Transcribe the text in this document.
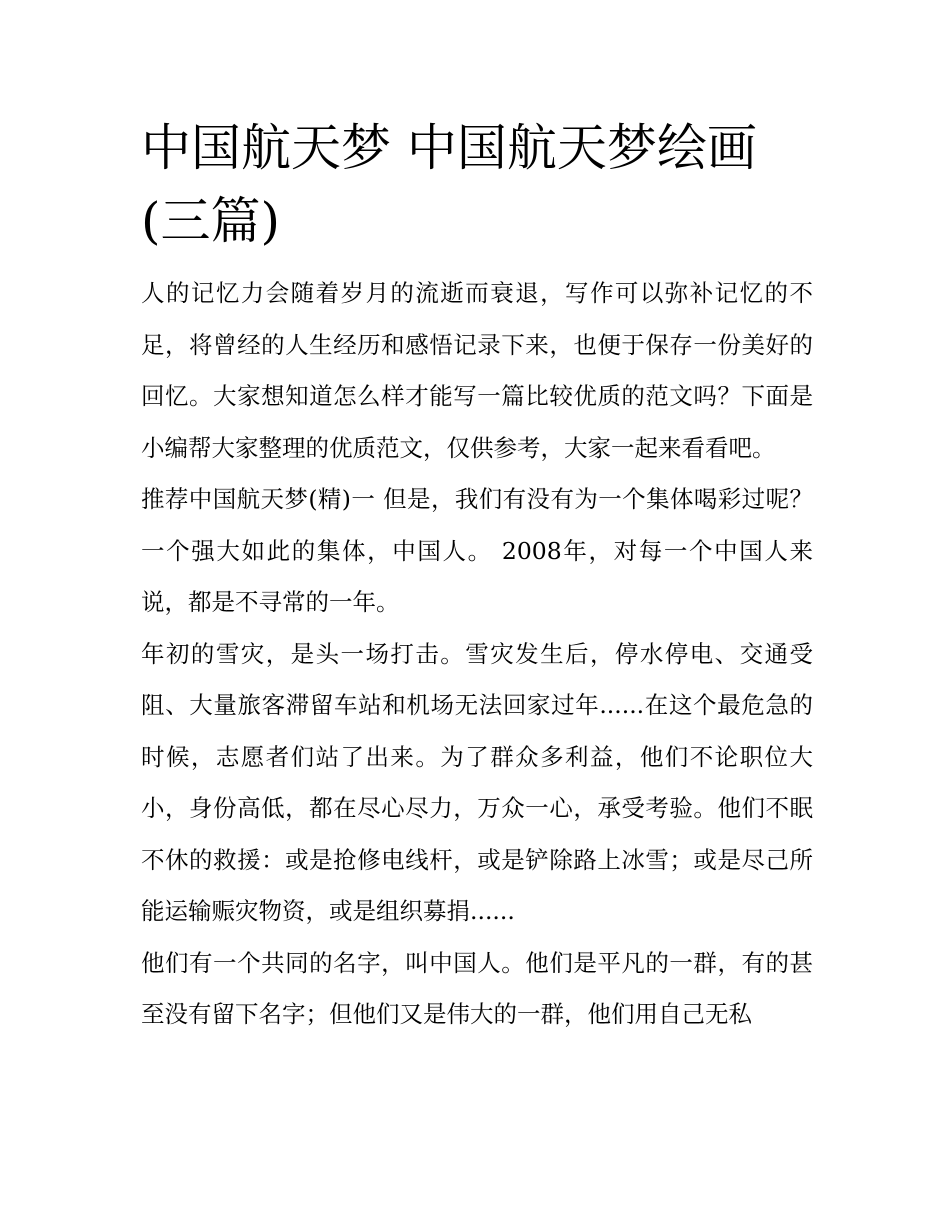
中国航天梦 中国航天梦绘画
(三篇)

人的记忆力会随着岁月的流逝而衰退，写作可以弥补记忆的不足，将曾经的人生经历和感悟记录下来，也便于保存一份美好的回忆。大家想知道怎么样才能写一篇比较优质的范文吗？下面是小编帮大家整理的优质范文，仅供参考，大家一起来看看吧。

推荐中国航天梦(精)一 但是，我们有没有为一个集体喝彩过呢？一个强大如此的集体，中国人。 2008年，对每一个中国人来说，都是不寻常的一年。

年初的雪灾，是头一场打击。雪灾发生后，停水停电、交通受阻、大量旅客滞留车站和机场无法回家过年......在这个最危急的时候，志愿者们站了出来。为了群众多利益，他们不论职位大小，身份高低，都在尽心尽力，万众一心，承受考验。他们不眠不休的救援：或是抢修电线杆，或是铲除路上冰雪；或是尽己所能运输赈灾物资，或是组织募捐......

他们有一个共同的名字，叫中国人。他们是平凡的一群，有的甚至没有留下名字；但他们又是伟大的一群，他们用自己无私
